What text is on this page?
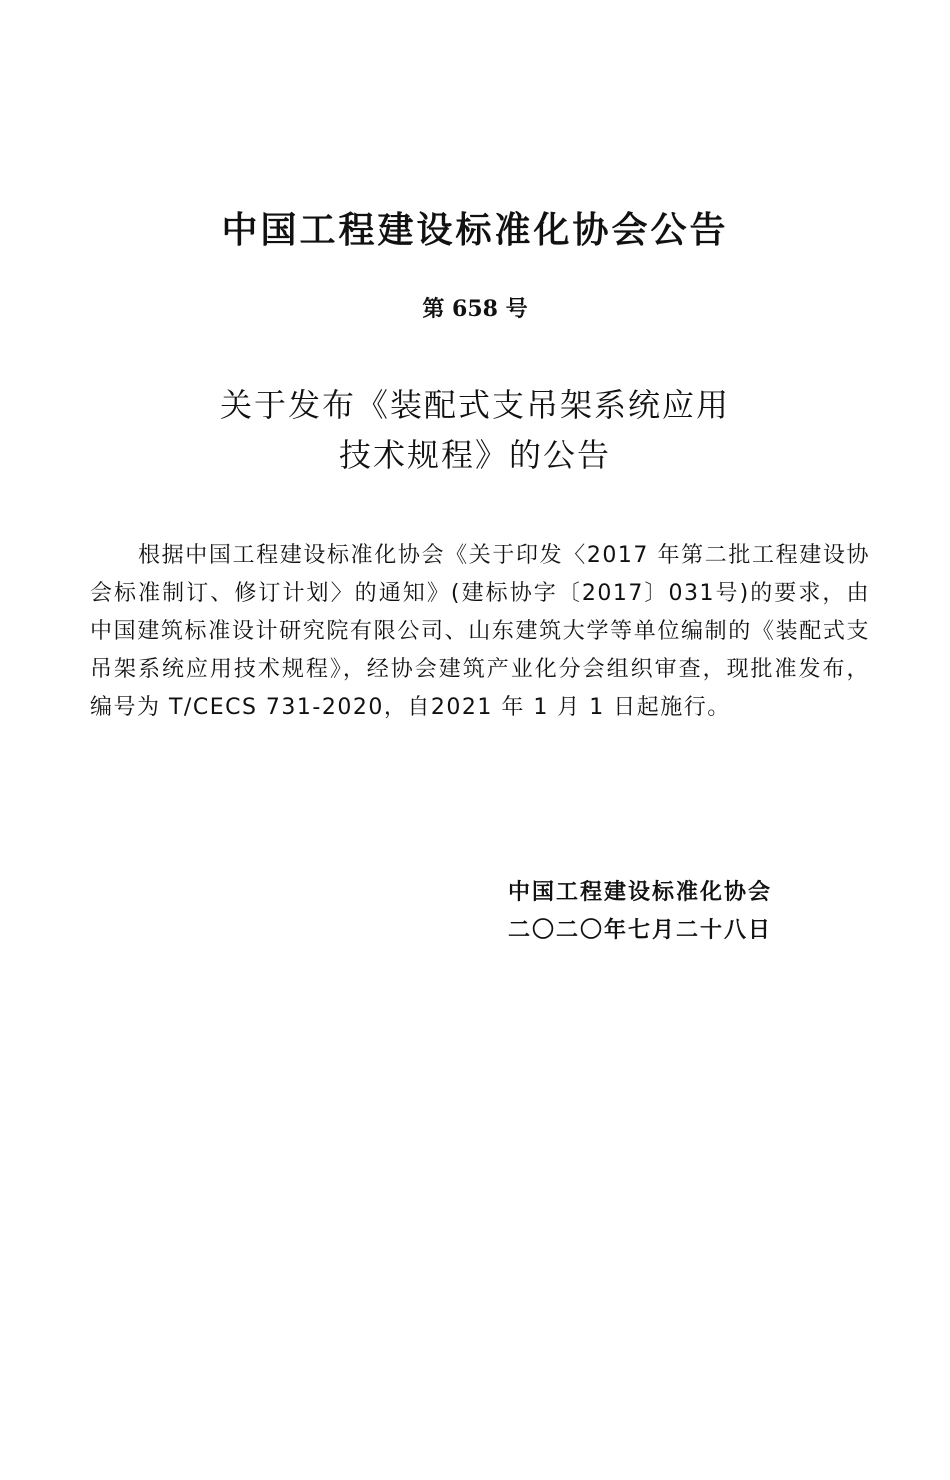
中国工程建设标准化协会公告
第 658 号
关于发布《装配式支吊架系统应用
技术规程》的公告

根据中国工程建设标准化协会《关于印发〈2017 年第二批工程建设协会标准制订、修订计划〉的通知》(建标协字〔2017〕031号)的要求，由中国建筑标准设计研究院有限公司、山东建筑大学等单位编制的《装配式支吊架系统应用技术规程》，经协会建筑产业化分会组织审查，现批准发布，编号为 T/CECS 731-2020，自2021 年 1 月 1 日起施行。

中国工程建设标准化协会
二〇二〇年七月二十八日
